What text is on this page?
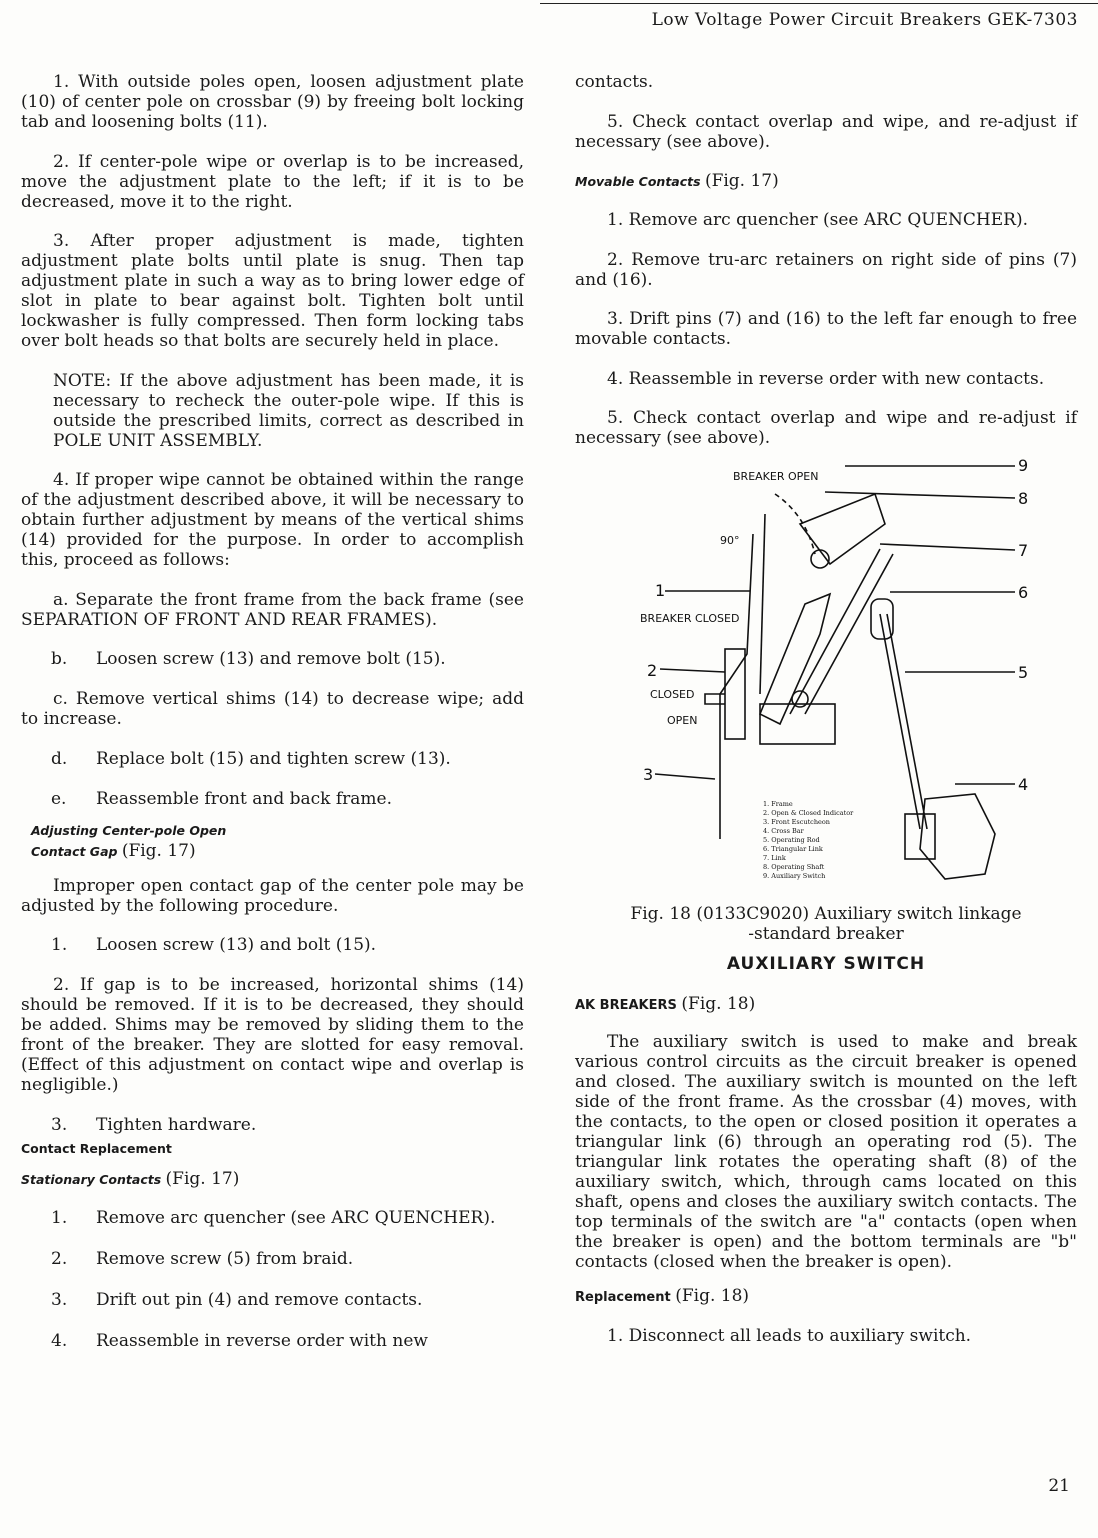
Low Voltage Power Circuit Breakers GEK-7303

1. With outside poles open, loosen adjustment plate (10) of center pole on crossbar (9) by freeing bolt locking tab and loosening bolts (11).

2. If center-pole wipe or overlap is to be increased, move the adjustment plate to the left; if it is to be decreased, move it to the right.

3. After proper adjustment is made, tighten adjustment plate bolts until plate is snug. Then tap adjustment plate in such a way as to bring lower edge of slot in plate to bear against bolt. Tighten bolt until lockwasher is fully compressed. Then form locking tabs over bolt heads so that bolts are securely held in place.

NOTE: If the above adjustment has been made, it is necessary to recheck the outer-pole wipe. If this is outside the prescribed limits, correct as described in POLE UNIT ASSEMBLY.

4. If proper wipe cannot be obtained within the range of the adjustment described above, it will be necessary to obtain further adjustment by means of the vertical shims (14) provided for the purpose. In order to accomplish this, proceed as follows:

a. Separate the front frame from the back frame (see SEPARATION OF FRONT AND REAR FRAMES).

b.	Loosen screw (13) and remove bolt (15).

c. Remove vertical shims (14) to decrease wipe; add to increase.

d.	Replace bolt (15) and tighten screw (13).
e.	Reassemble front and back frame.
Adjusting Center-pole Open
Contact Gap (Fig. 17)

Improper open contact gap of the center pole may be adjusted by the following procedure.

1.	Loosen screw (13) and bolt (15).

2. If gap is to be increased, horizontal shims (14) should be removed. If it is to be decreased, they should be added. Shims may be removed by sliding them to the front of the breaker. They are slotted for easy removal. (Effect of this adjustment on contact wipe and overlap is negligible.)

3.	Tighten hardware.
Contact Replacement
Stationary Contacts (Fig. 17)
1.	Remove arc quencher (see ARC QUENCHER).
2.	Remove screw (5) from braid.
3.	Drift out pin (4) and remove contacts.
4.	Reassemble in reverse order with new

contacts.

5. Check contact overlap and wipe, and re-adjust if necessary (see above).

Movable Contacts (Fig. 17)

1. Remove arc quencher (see ARC QUENCHER).

2. Remove tru-arc retainers on right side of pins (7) and (16).

3. Drift pins (7) and (16) to the left far enough to free movable contacts.

4. Reassemble in reverse order with new contacts.

5. Check contact overlap and wipe and re-adjust if necessary (see above).

BREAKER OPEN
90°
BREAKER CLOSED
CLOSED
OPEN
1
2
3
9
8
7
6
5
4
1. Frame
2. Open & Closed Indicator
3. Front Escutcheon
4. Cross Bar
5. Operating Rod
6. Triangular Link
7. Link
8. Operating Shaft
9. Auxiliary Switch
Fig. 18 (0133C9020) Auxiliary switch linkage
-standard breaker
AUXILIARY SWITCH
AK BREAKERS (Fig. 18)

The auxiliary switch is used to make and break various control circuits as the circuit breaker is opened and closed. The auxiliary switch is mounted on the left side of the front frame. As the crossbar (4) moves, with the contacts, to the open or closed position it operates a triangular link (6) through an operating rod (5). The triangular link rotates the operating shaft (8) of the auxiliary switch, which, through cams located on this shaft, opens and closes the auxiliary switch contacts. The top terminals of the switch are "a" contacts (open when the breaker is open) and the bottom terminals are "b" contacts (closed when the breaker is open).

Replacement (Fig. 18)

1. Disconnect all leads to auxiliary switch.

21
